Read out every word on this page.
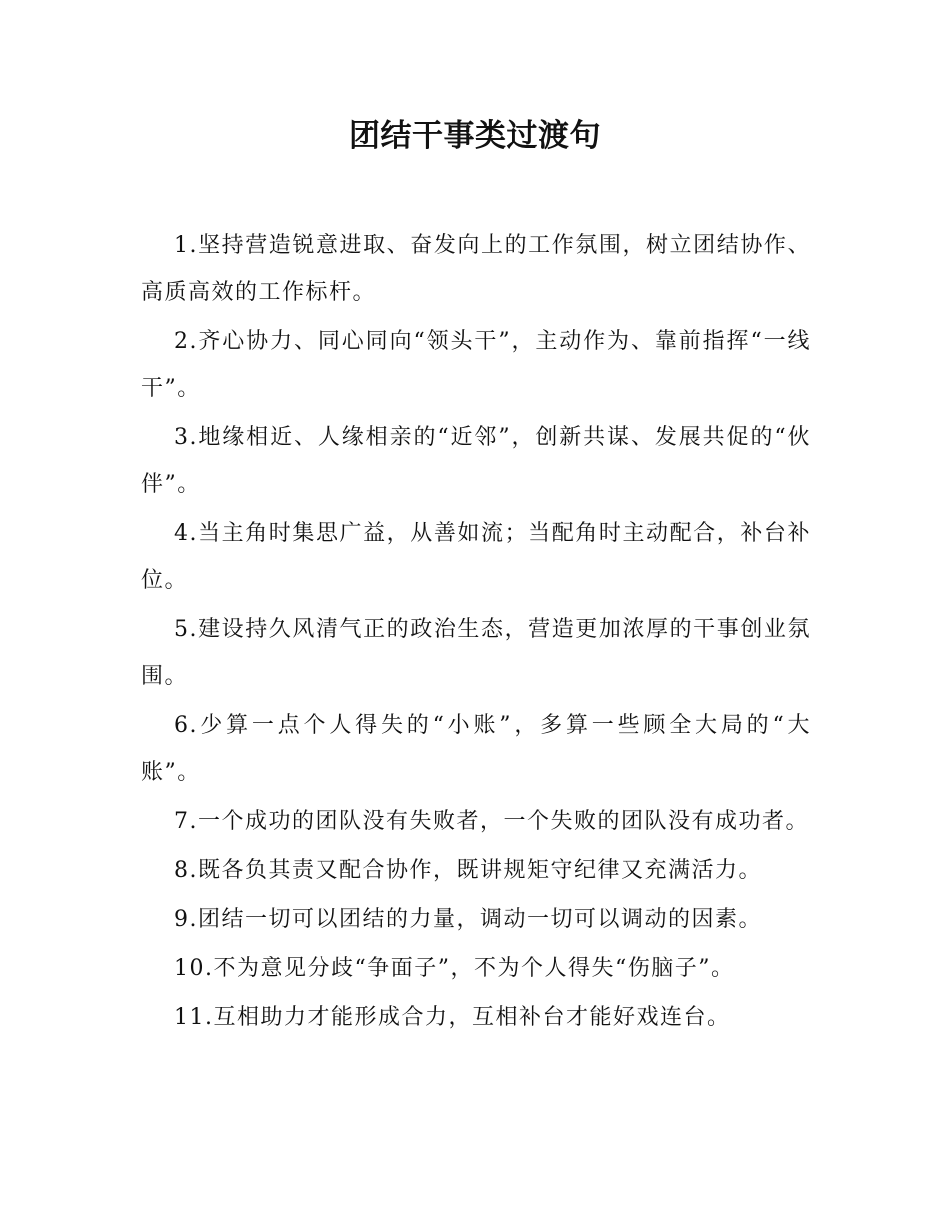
团结干事类过渡句

1.坚持营造锐意进取、奋发向上的工作氛围，树立团结协作、高质高效的工作标杆。

2.齐心协力、同心同向“领头干”，主动作为、靠前指挥“一线干”。

3.地缘相近、人缘相亲的“近邻”，创新共谋、发展共促的“伙伴”。

4.当主角时集思广益，从善如流；当配角时主动配合，补台补位。

5.建设持久风清气正的政治生态，营造更加浓厚的干事创业氛围。

6.少算一点个人得失的“小账”，多算一些顾全大局的“大账”。

7.一个成功的团队没有失败者，一个失败的团队没有成功者。

8.既各负其责又配合协作，既讲规矩守纪律又充满活力。

9.团结一切可以团结的力量，调动一切可以调动的因素。

10.不为意见分歧“争面子”，不为个人得失“伤脑子”。

11.互相助力才能形成合力，互相补台才能好戏连台。
